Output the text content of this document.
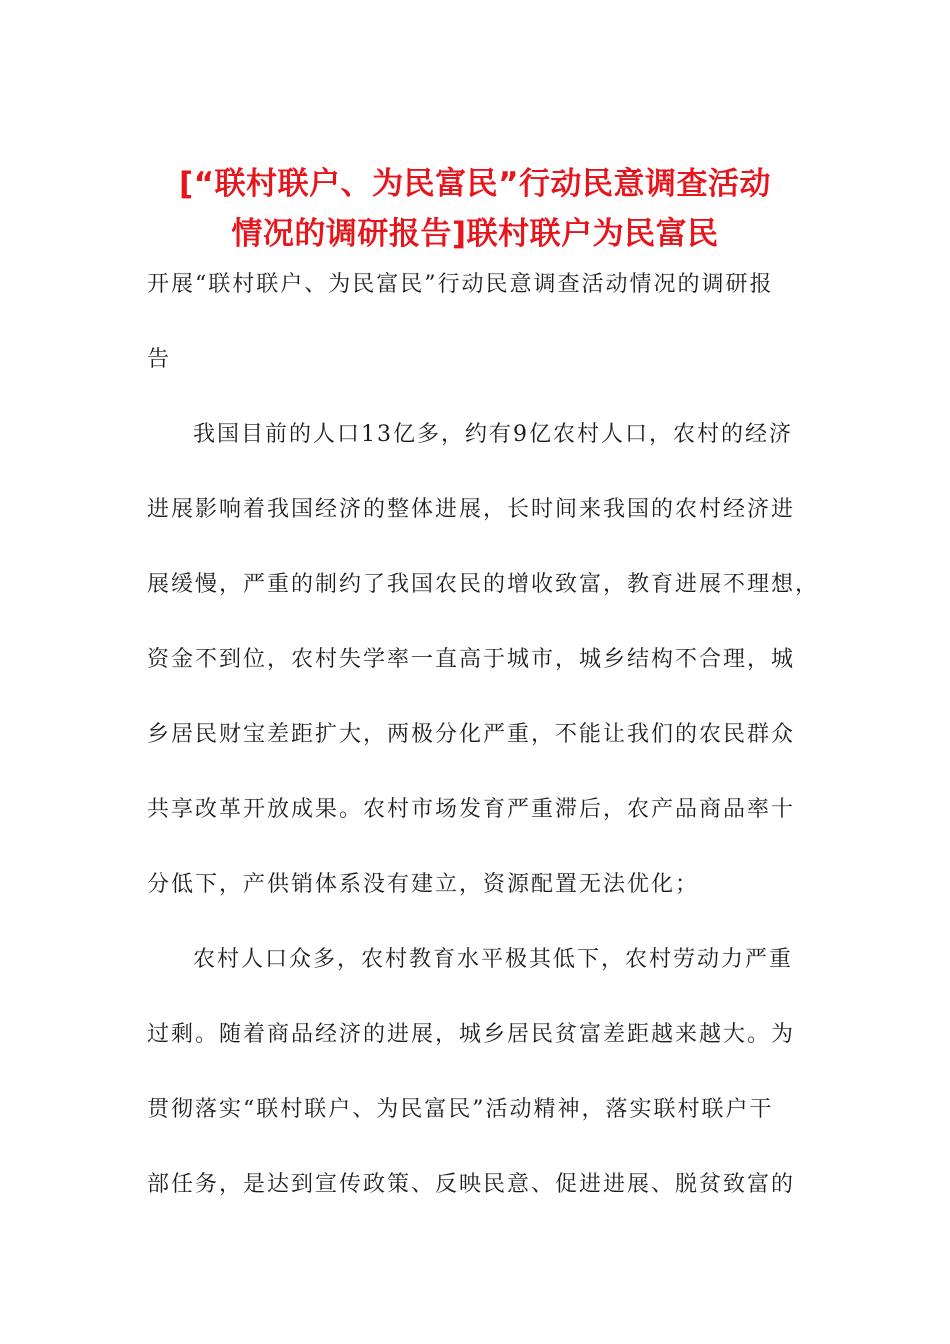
[“联村联户、为民富民”行动民意调查活动
情况的调研报告]联村联户为民富民

开展“联村联户、为民富民”行动民意调查活动情况的调研报
告

我国目前的人口13亿多，约有9亿农村人口，农村的经济
进展影响着我国经济的整体进展，长时间来我国的农村经济进
展缓慢，严重的制约了我国农民的增收致富，教育进展不理想，
资金不到位，农村失学率一直高于城市，城乡结构不合理，城
乡居民财宝差距扩大，两极分化严重，不能让我们的农民群众
共享改革开放成果。农村市场发育严重滞后，农产品商品率十
分低下，产供销体系没有建立，资源配置无法优化；

农村人口众多，农村教育水平极其低下，农村劳动力严重
过剩。随着商品经济的进展，城乡居民贫富差距越来越大。为
贯彻落实“联村联户、为民富民”活动精神，落实联村联户干
部任务，是达到宣传政策、反映民意、促进进展、脱贫致富的
